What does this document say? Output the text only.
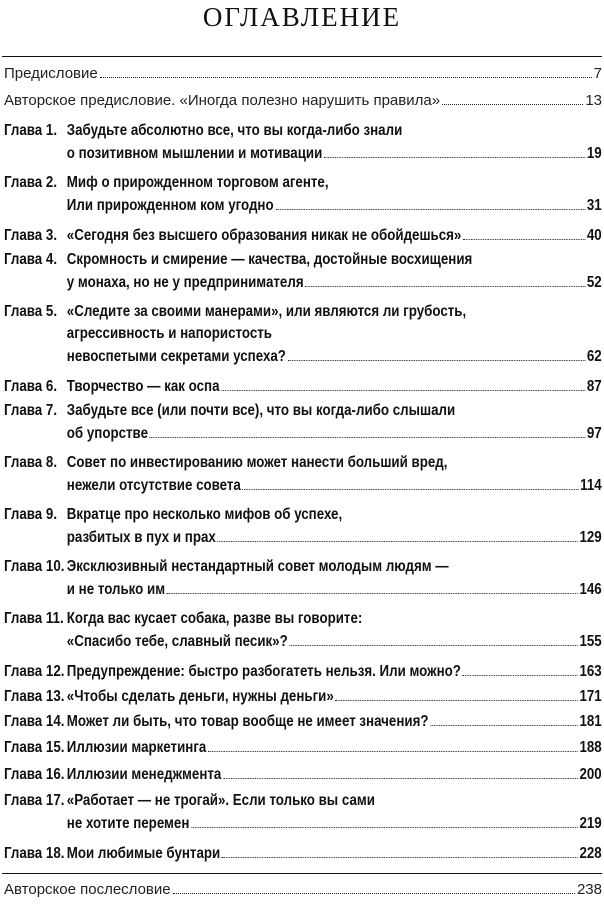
ОГЛАВЛЕНИЕ
Предисловие	7
Авторское предисловие. «Иногда полезно нарушить правила»	13
Глава 1. Забудьте абсолютно все, что вы когда-либо знали
о позитивном мышлении и мотивации	19
Глава 2. Миф о прирожденном торговом агенте,
Или прирожденном ком угодно	31
Глава 3. «Сегодня без высшего образования никак не обойдешься»	40
Глава 4. Скромность и смирение — качества, достойные восхищения
у монаха, но не у предпринимателя	52
Глава 5. «Следите за своими манерами», или являются ли грубость,
агрессивность и напористость
невоспетыми секретами успеха?	62
Глава 6. Творчество — как оспа	87
Глава 7. Забудьте все (или почти все), что вы когда-либо слышали
об упорстве	97
Глава 8. Совет по инвестированию может нанести больший вред,
нежели отсутствие совета	114
Глава 9. Вкратце про несколько мифов об успехе,
разбитых в пух и прах	129
Глава 10. Эксклюзивный нестандартный совет молодым людям —
и не только им	146
Глава 11. Когда вас кусает собака, разве вы говорите:
«Спасибо тебе, славный песик»?	155
Глава 12. Предупреждение: быстро разбогатеть нельзя. Или можно?	163
Глава 13. «Чтобы сделать деньги, нужны деньги»	171
Глава 14. Может ли быть, что товар вообще не имеет значения?	181
Глава 15. Иллюзии маркетинга	188
Глава 16. Иллюзии менеджмента	200
Глава 17. «Работает — не трогай». Если только вы сами
не хотите перемен	219
Глава 18. Мои любимые бунтари	228
Авторское послесловие	238
